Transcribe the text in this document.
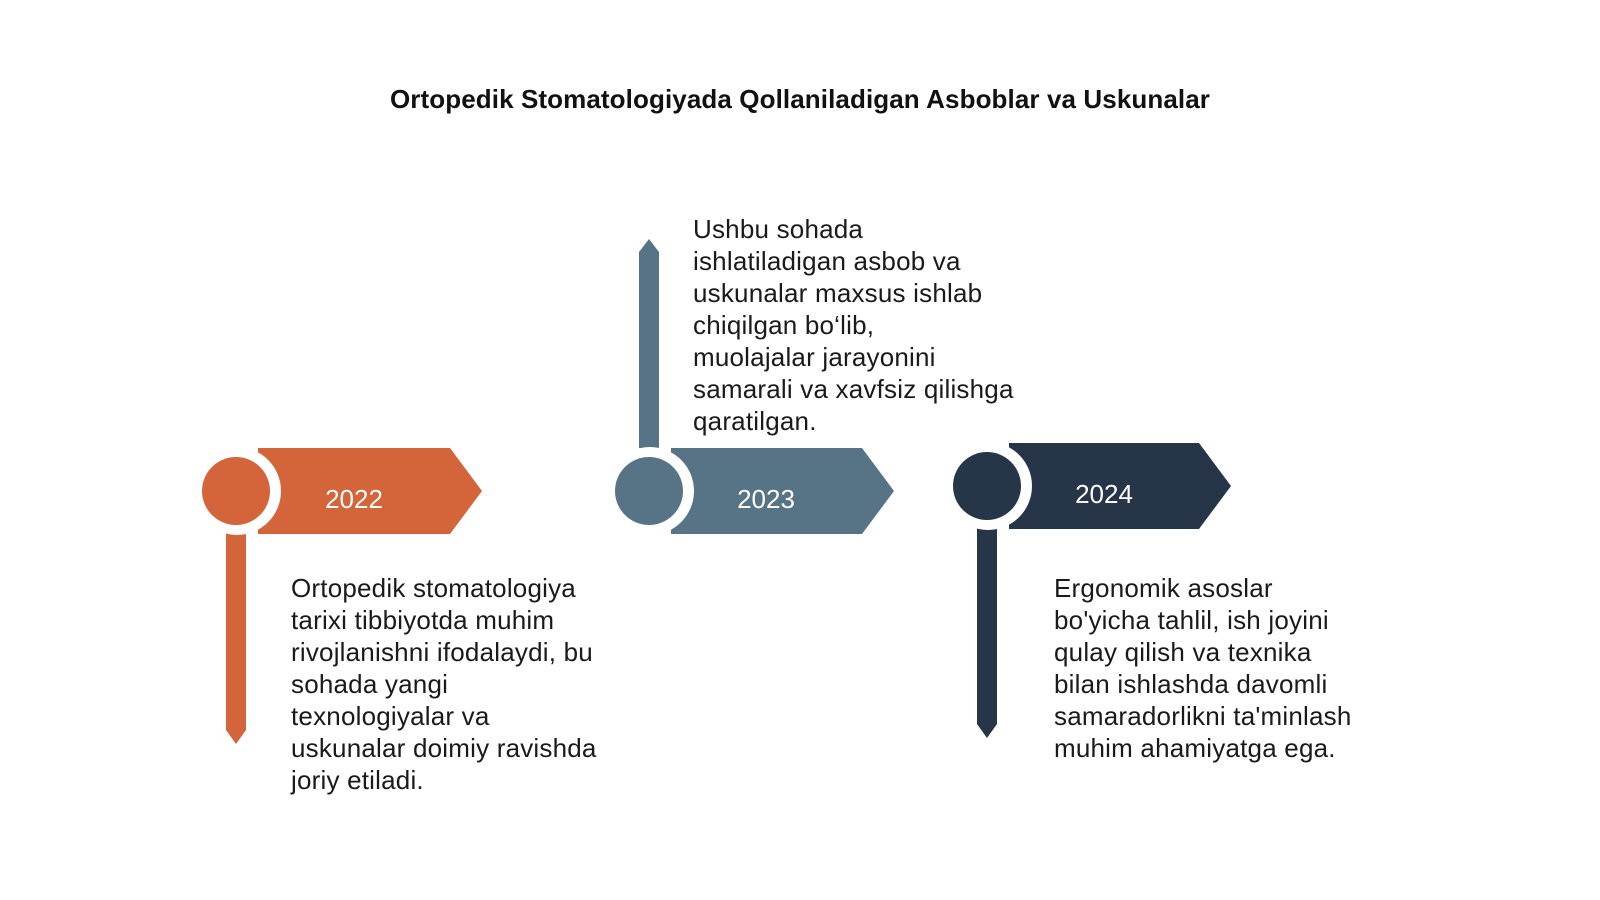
Ortopedik Stomatologiyada Qollaniladigan Asboblar va Uskunalar
2022	2023	2024
Ortopedik stomatologiya
tarixi tibbiyotda muhim
rivojlanishni ifodalaydi, bu
sohada yangi
texnologiyalar va
uskunalar doimiy ravishda
joriy etiladi.
Ushbu sohada
ishlatiladigan asbob va
uskunalar maxsus ishlab
chiqilgan bo‘lib,
muolajalar jarayonini
samarali va xavfsiz qilishga
qaratilgan.
Ergonomik asoslar
bo'yicha tahlil, ish joyini
qulay qilish va texnika
bilan ishlashda davomli
samaradorlikni ta'minlash
muhim ahamiyatga ega.
